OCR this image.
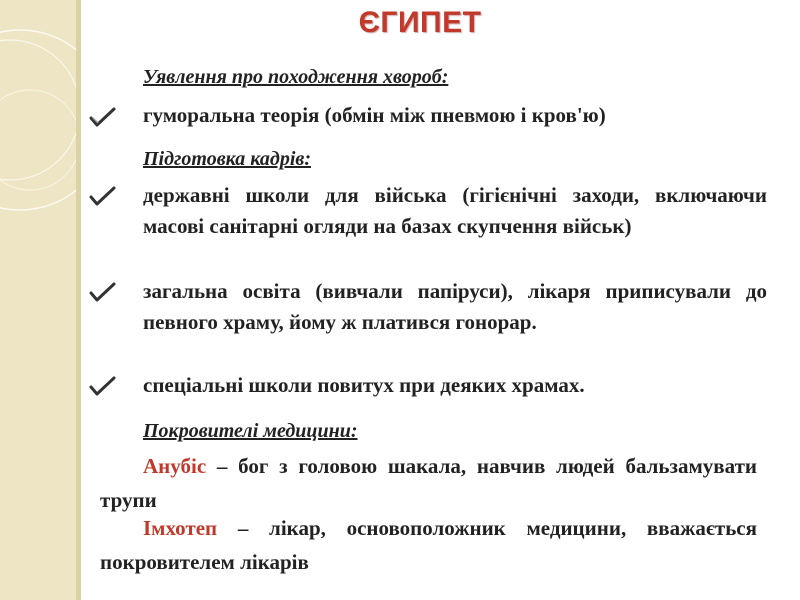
ЄГИПЕТ
Уявлення про походження хвороб:
гуморальна теорія (обмін між пневмою і кров'ю)
Підготовка кадрів:
державні школи для війська (гігієнічні заходи, включаючи масові санітарні огляди на базах скупчення військ)
загальна освіта (вивчали папіруси), лікаря приписували до певного храму, йому ж платився гонорар.
спеціальні школи повитух при деяких храмах.
Покровителі медицини:
Анубіс – бог з головою шакала, навчив людей бальзамувати трупи
Імхотеп – лікар, основоположник медицини, вважається покровителем лікарів
